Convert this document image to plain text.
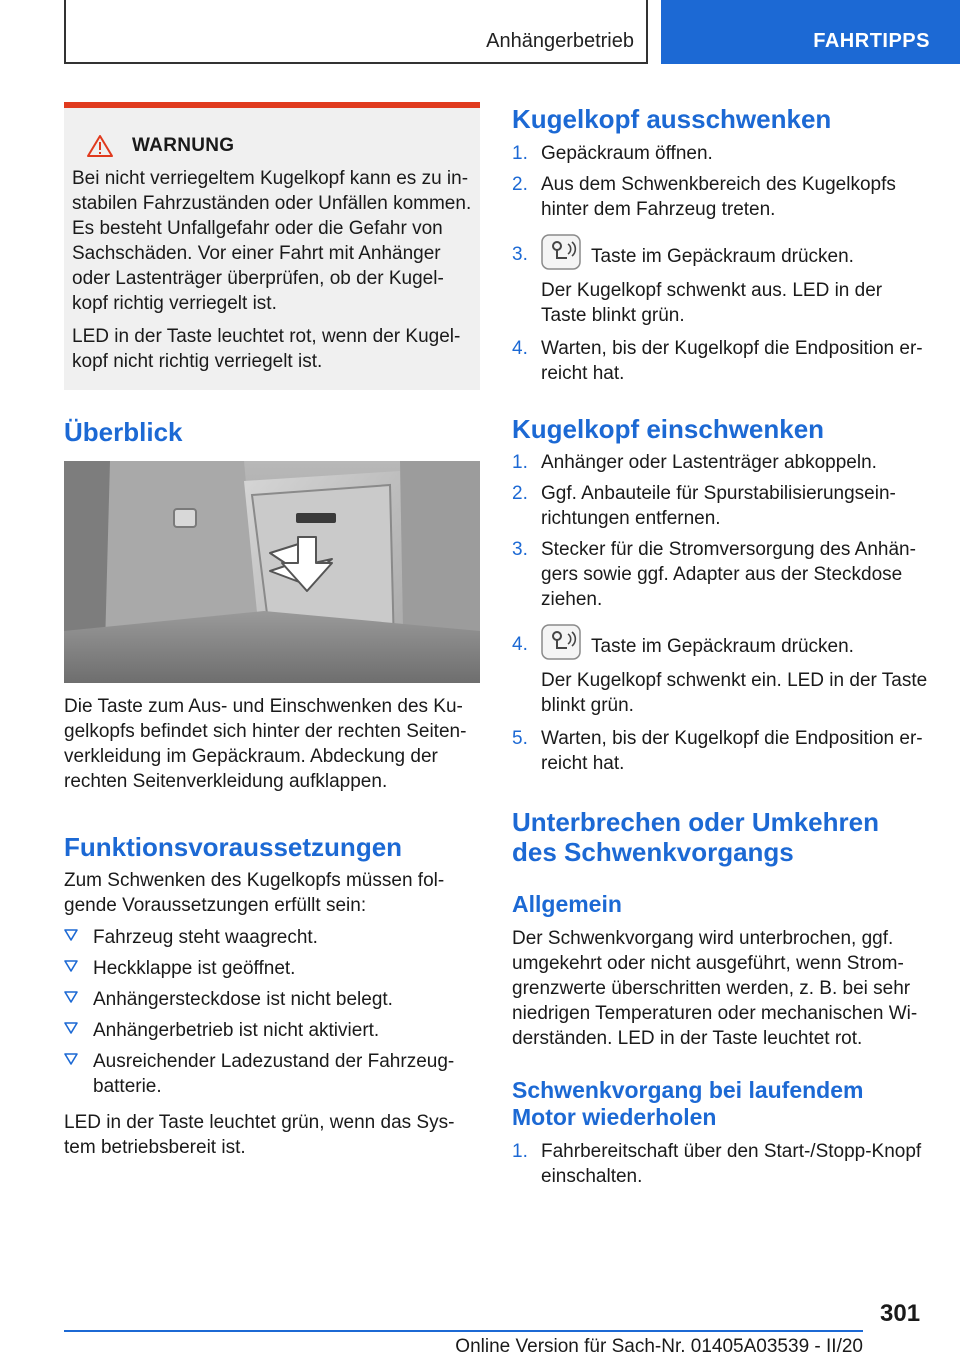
Anhängerbetrieb	FAHRTIPPS
WARNUNG

Bei nicht verriegeltem Kugelkopf kann es zu in-stabilen Fahrzuständen oder Unfällen kommen. Es besteht Unfallgefahr oder die Gefahr von Sachschäden. Vor einer Fahrt mit Anhänger oder Lastenträger überprüfen, ob der Kugel-kopf richtig verriegelt ist.

LED in der Taste leuchtet rot, wenn der Kugel-kopf nicht richtig verriegelt ist.

Überblick

Die Taste zum Aus- und Einschwenken des Ku-gelkopfs befindet sich hinter der rechten Seiten-verkleidung im Gepäckraum. Abdeckung der rechten Seitenverkleidung aufklappen.

Funktionsvoraussetzungen

Zum Schwenken des Kugelkopfs müssen fol-gende Voraussetzungen erfüllt sein:

Fahrzeug steht waagrecht.
Heckklappe ist geöffnet.
Anhängersteckdose ist nicht belegt.
Anhängerbetrieb ist nicht aktiviert.
Ausreichender Ladezustand der Fahrzeug-batterie.

LED in der Taste leuchtet grün, wenn das Sys-tem betriebsbereit ist.

Kugelkopf ausschwenken
1. Gepäckraum öffnen.
2. Aus dem Schwenkbereich des Kugelkopfs hinter dem Fahrzeug treten.
3.	Taste im Gepäckraum drücken.
Der Kugelkopf schwenkt aus. LED in der Taste blinkt grün.
4. Warten, bis der Kugelkopf die Endposition er-reicht hat.
Kugelkopf einschwenken
1. Anhänger oder Lastenträger abkoppeln.
2. Ggf. Anbauteile für Spurstabilisierungsein-richtungen entfernen.
3. Stecker für die Stromversorgung des Anhän-gers sowie ggf. Adapter aus der Steckdose ziehen.
4.	Taste im Gepäckraum drücken.
Der Kugelkopf schwenkt ein. LED in der Taste blinkt grün.
5. Warten, bis der Kugelkopf die Endposition er-reicht hat.
Unterbrechen oder Umkehren des Schwenkvorgangs
Allgemein

Der Schwenkvorgang wird unterbrochen, ggf. umgekehrt oder nicht ausgeführt, wenn Strom-grenzwerte überschritten werden, z. B. bei sehr niedrigen Temperaturen oder mechanischen Wi-derständen. LED in der Taste leuchtet rot.

Schwenkvorgang bei laufendem Motor wiederholen
1. Fahrbereitschaft über den Start-/Stopp-Knopf einschalten.
301
Online Version für Sach-Nr. 01405A03539 - II/20
